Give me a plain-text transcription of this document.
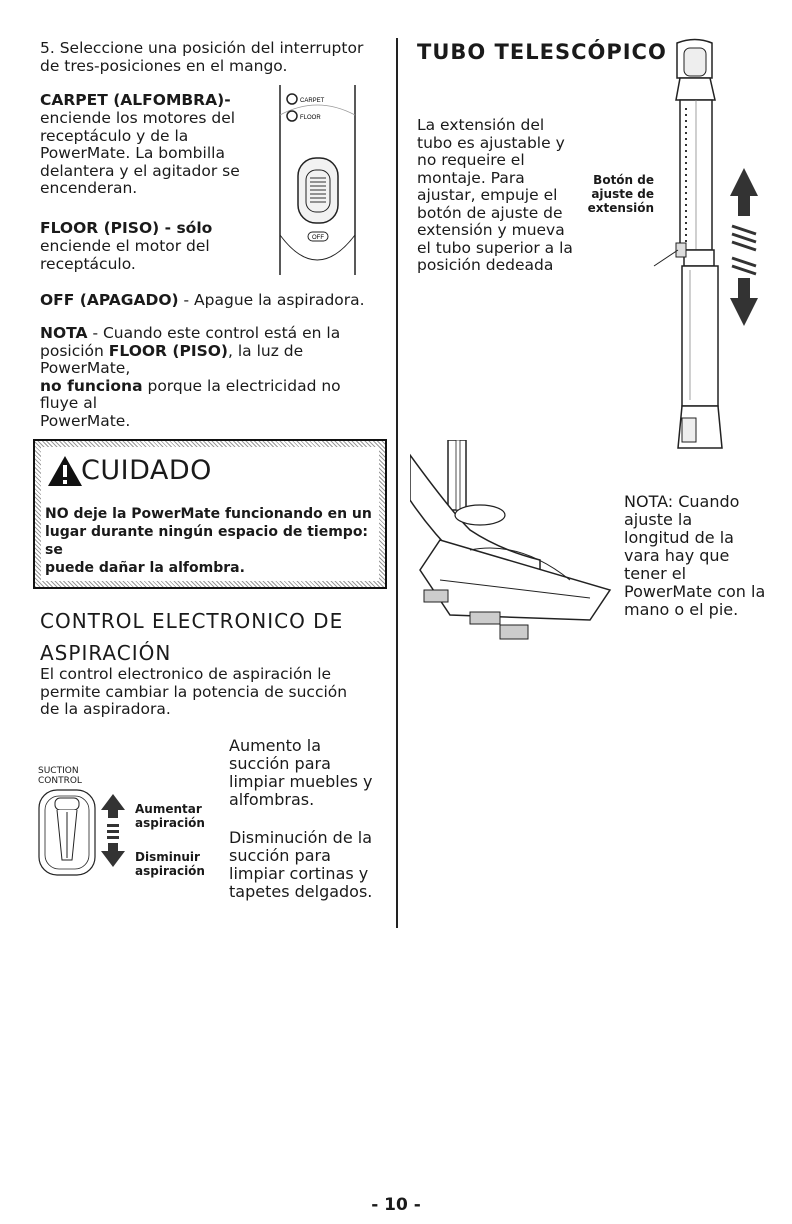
5. Seleccione una posición del interruptor de tres-posiciones en el mango.
CARPET (ALFOMBRA)-
enciende los motores del
receptáculo y de la
PowerMate. La bombilla
delantera y el agitador se
encenderan.
FLOOR (PISO) - sólo
enciende el motor del
receptáculo.
CARPET
FLOOR
OFF
OFF (APAGADO) - Apague la aspiradora.
NOTA - Cuando este control está en la
posición FLOOR (PISO), la luz de PowerMate,
no funciona porque la electricidad no fluye al
PowerMate.
CUIDADO
NO deje la PowerMate funcionando en un
lugar durante ningún espacio de tiempo: se
puede dañar la alfombra.
CONTROL ELECTRONICO DE
ASPIRACIÓN
El control electronico de aspiración le
permite cambiar la potencia de succión
de la aspiradora.
SUCTION
CONTROL
Aumentar
aspiración
Disminuir
aspiración
Aumento la
succión para
limpiar muebles y
alfombras.
Disminución de la
succión para
limpiar cortinas y
tapetes delgados.
TUBO TELESCÓPICO
La extensión del
tubo es ajustable y
no requeire el
montaje. Para
ajustar, empuje el
botón de ajuste de
extensión y mueva
el tubo superior a la
posición dedeada
Botón de
ajuste de
extensión
NOTA: Cuando
ajuste la
longitud de la
vara hay que
tener el
PowerMate con la
mano o el pie.
- 10 -
